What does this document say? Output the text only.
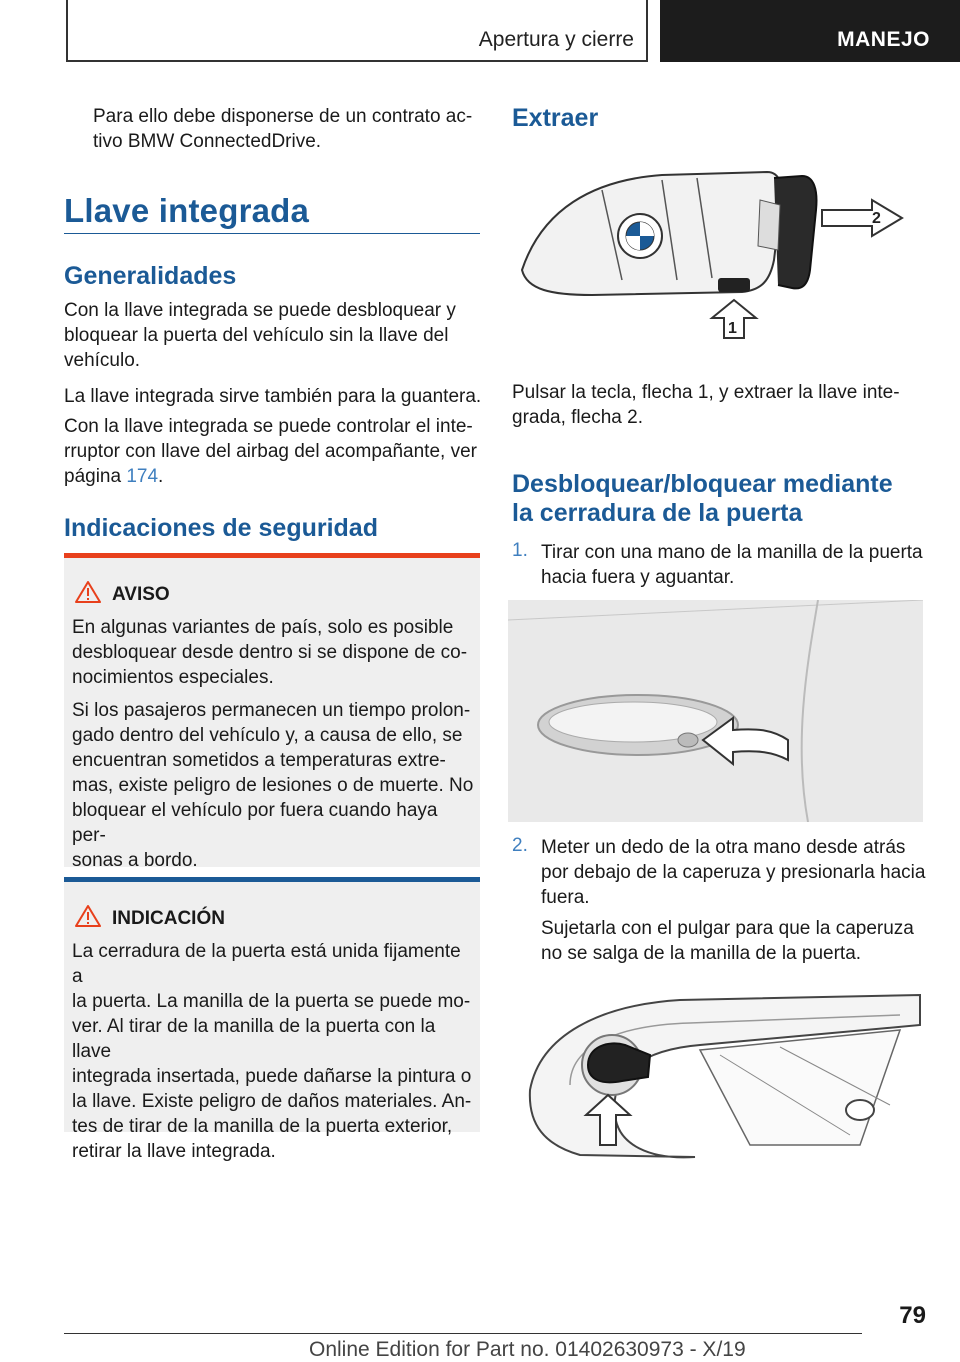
Apertura y cierre	MANEJO
Para ello debe disponerse de un contrato ac-
tivo BMW ConnectedDrive.
Llave integrada
Generalidades
Con la llave integrada se puede desbloquear y
bloquear la puerta del vehículo sin la llave del
vehículo.
La llave integrada sirve también para la guantera.
Con la llave integrada se puede controlar el inte-
rruptor con llave del airbag del acompañante, ver
página 174.
Indicaciones de seguridad
AVISO

En algunas variantes de país, solo es posible
desbloquear desde dentro si se dispone de co-
nocimientos especiales.

Si los pasajeros permanecen un tiempo prolon-
gado dentro del vehículo y, a causa de ello, se
encuentran sometidos a temperaturas extre-
mas, existe peligro de lesiones o de muerte. No
bloquear el vehículo por fuera cuando haya per-
sonas a bordo.

INDICACIÓN

La cerradura de la puerta está unida fijamente a
la puerta. La manilla de la puerta se puede mo-
ver. Al tirar de la manilla de la puerta con la llave
integrada insertada, puede dañarse la pintura o
la llave. Existe peligro de daños materiales. An-
tes de tirar de la manilla de la puerta exterior,
retirar la llave integrada.

Extraer
2
1
Pulsar la tecla, flecha 1, y extraer la llave inte-
grada, flecha 2.
Desbloquear/bloquear mediante
la cerradura de la puerta
1. Tirar con una mano de la manilla de la puerta
hacia fuera y aguantar.
2. Meter un dedo de la otra mano desde atrás
por debajo de la caperuza y presionarla hacia
fuera.
Sujetarla con el pulgar para que la caperuza
no se salga de la manilla de la puerta.
79
Online Edition for Part no. 01402630973 - X/19
